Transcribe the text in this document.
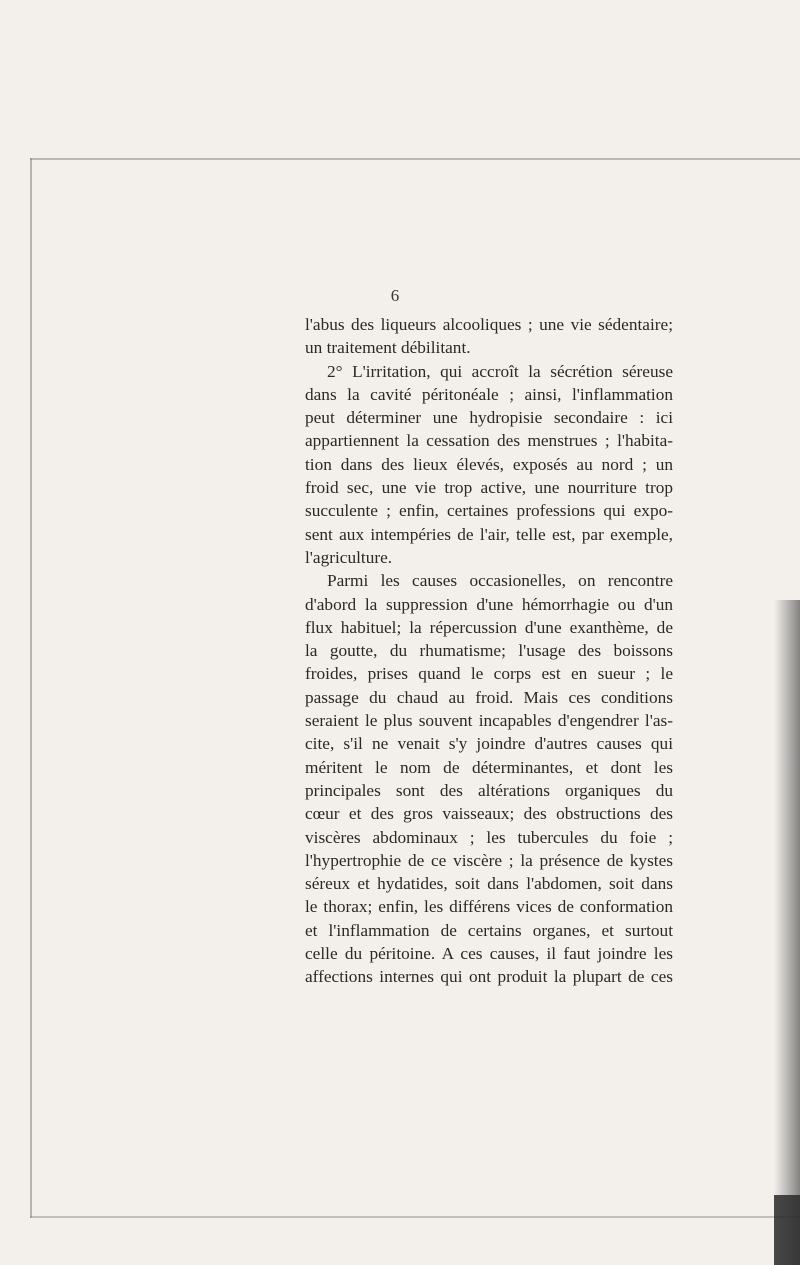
6
l'abus des liqueurs alcooliques ; une vie sédentaire;
un traitement débilitant.
2° L'irritation, qui accroît la sécrétion séreuse
dans la cavité péritonéale ; ainsi, l'inflammation
peut déterminer une hydropisie secondaire : ici
appartiennent la cessation des menstrues ; l'habita-
tion dans des lieux élevés, exposés au nord ; un
froid sec, une vie trop active, une nourriture trop
succulente ; enfin, certaines professions qui expo-
sent aux intempéries de l'air, telle est, par exemple,
l'agriculture.
Parmi les causes occasionelles, on rencontre
d'abord la suppression d'une hémorrhagie ou d'un
flux habituel; la répercussion d'une exanthème, de
la goutte, du rhumatisme; l'usage des boissons
froides, prises quand le corps est en sueur ; le
passage du chaud au froid. Mais ces conditions
seraient le plus souvent incapables d'engendrer l'as-
cite, s'il ne venait s'y joindre d'autres causes qui
méritent le nom de déterminantes, et dont les
principales sont des altérations organiques du
cœur et des gros vaisseaux; des obstructions des
viscères abdominaux ; les tubercules du foie ;
l'hypertrophie de ce viscère ; la présence de kystes
séreux et hydatides, soit dans l'abdomen, soit dans
le thorax; enfin, les différens vices de conformation
et l'inflammation de certains organes, et surtout
celle du péritoine. A ces causes, il faut joindre les
affections internes qui ont produit la plupart de ces
